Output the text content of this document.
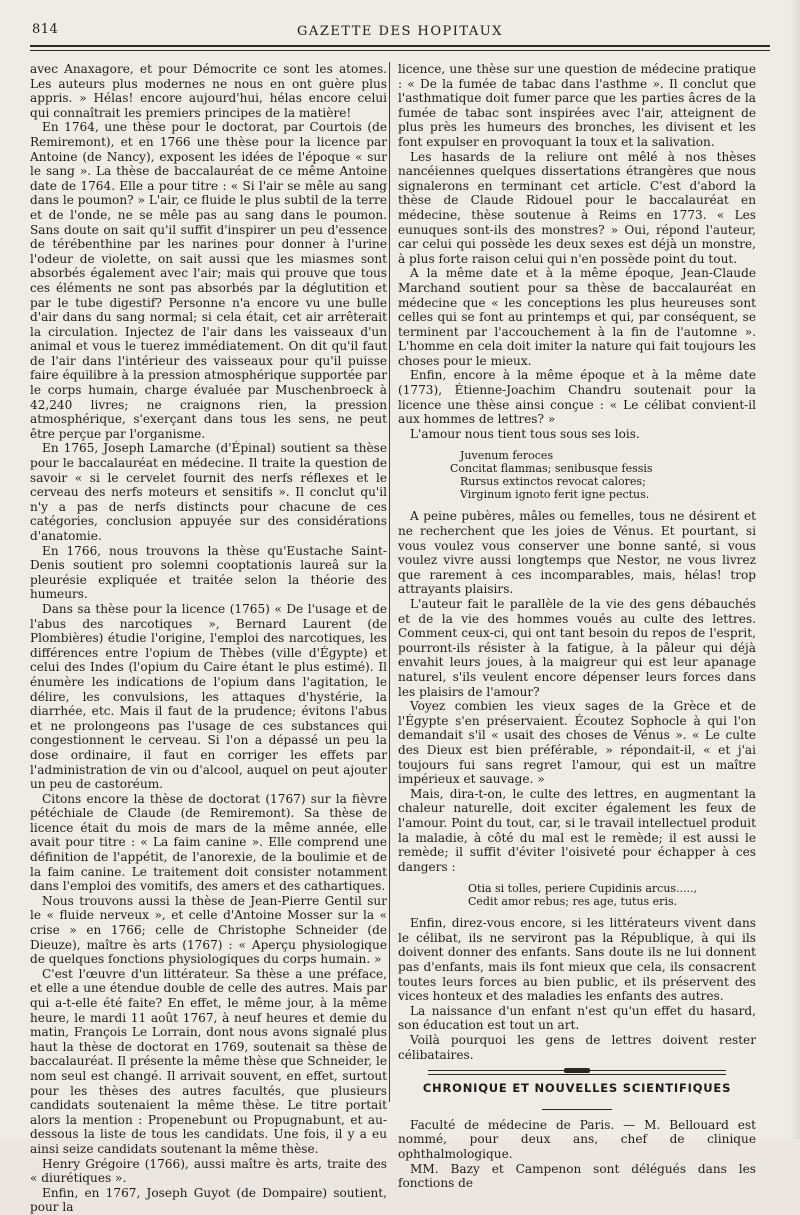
814	GAZETTE DES HOPITAUX

avec Anaxagore, et pour Démocrite ce sont les atomes. Les auteurs plus modernes ne nous en ont guère plus appris. » Hélas! encore aujourd'hui, hélas encore celui qui connaîtrait les premiers principes de la matière!

En 1764, une thèse pour le doctorat, par Courtois (de Remiremont), et en 1766 une thèse pour la licence par Antoine (de Nancy), exposent les idées de l'époque « sur le sang ». La thèse de baccalauréat de ce même Antoine date de 1764. Elle a pour titre : « Si l'air se mêle au sang dans le poumon? » L'air, ce fluide le plus subtil de la terre et de l'onde, ne se mêle pas au sang dans le poumon. Sans doute on sait qu'il suffit d'inspirer un peu d'essence de térébenthine par les narines pour donner à l'urine l'odeur de violette, on sait aussi que les miasmes sont absorbés également avec l'air; mais qui prouve que tous ces éléments ne sont pas absorbés par la déglutition et par le tube digestif? Personne n'a encore vu une bulle d'air dans du sang normal; si cela était, cet air arrêterait la circulation. Injectez de l'air dans les vaisseaux d'un animal et vous le tuerez immédiatement. On dit qu'il faut de l'air dans l'intérieur des vaisseaux pour qu'il puisse faire équilibre à la pression atmosphérique supportée par le corps humain, charge évaluée par Muschenbroeck à 42,240 livres; ne craignons rien, la pression atmosphérique, s'exerçant dans tous les sens, ne peut être perçue par l'organisme.

En 1765, Joseph Lamarche (d'Épinal) soutient sa thèse pour le baccalauréat en médecine. Il traite la question de savoir « si le cervelet fournit des nerfs réflexes et le cerveau des nerfs moteurs et sensitifs ». Il conclut qu'il n'y a pas de nerfs distincts pour chacune de ces catégories, conclusion appuyée sur des considérations d'anatomie.

En 1766, nous trouvons la thèse qu'Eustache Saint-Denis soutient pro solemni cooptationis laureâ sur la pleurésie expliquée et traitée selon la théorie des humeurs.

Dans sa thèse pour la licence (1765) « De l'usage et de l'abus des narcotiques », Bernard Laurent (de Plombières) étudie l'origine, l'emploi des narcotiques, les différences entre l'opium de Thèbes (ville d'Égypte) et celui des Indes (l'opium du Caire étant le plus estimé). Il énumère les indications de l'opium dans l'agitation, le délire, les convulsions, les attaques d'hystérie, la diarrhée, etc. Mais il faut de la prudence; évitons l'abus et ne prolongeons pas l'usage de ces substances qui congestionnent le cerveau. Si l'on a dépassé un peu la dose ordinaire, il faut en corriger les effets par l'administration de vin ou d'alcool, auquel on peut ajouter un peu de castoréum.

Citons encore la thèse de doctorat (1767) sur la fièvre pétéchiale de Claude (de Remiremont). Sa thèse de licence était du mois de mars de la même année, elle avait pour titre : « La faim canine ». Elle comprend une définition de l'appétit, de l'anorexie, de la boulimie et de la faim canine. Le traitement doit consister notamment dans l'emploi des vomitifs, des amers et des cathartiques.

Nous trouvons aussi la thèse de Jean-Pierre Gentil sur le « fluide nerveux », et celle d'Antoine Mosser sur la « crise » en 1766; celle de Christophe Schneider (de Dieuze), maître ès arts (1767) : « Aperçu physiologique de quelques fonctions physiologiques du corps humain. »

C'est l'œuvre d'un littérateur. Sa thèse a une préface, et elle a une étendue double de celle des autres. Mais par qui a-t-elle été faite? En effet, le même jour, à la même heure, le mardi 11 août 1767, à neuf heures et demie du matin, François Le Lorrain, dont nous avons signalé plus haut la thèse de doctorat en 1769, soutenait sa thèse de baccalauréat. Il présente la même thèse que Schneider, le nom seul est changé. Il arrivait souvent, en effet, surtout pour les thèses des autres facultés, que plusieurs candidats soutenaient la même thèse. Le titre portait alors la mention : Propenebunt ou Propugnabunt, et au-dessous la liste de tous les candidats. Une fois, il y a eu ainsi seize candidats soutenant la même thèse.

Henry Grégoire (1766), aussi maître ès arts, traite des « diurétiques ».

Enfin, en 1767, Joseph Guyot (de Dompaire) soutient, pour la

licence, une thèse sur une question de médecine pratique : « De la fumée de tabac dans l'asthme ». Il conclut que l'asthmatique doit fumer parce que les parties âcres de la fumée de tabac sont inspirées avec l'air, atteignent de plus près les humeurs des bronches, les divisent et les font expulser en provoquant la toux et la salivation.

Les hasards de la reliure ont mêlé à nos thèses nancéiennes quelques dissertations étrangères que nous signalerons en terminant cet article. C'est d'abord la thèse de Claude Ridouel pour le baccalauréat en médecine, thèse soutenue à Reims en 1773. « Les eunuques sont-ils des monstres? » Oui, répond l'auteur, car celui qui possède les deux sexes est déjà un monstre, à plus forte raison celui qui n'en possède point du tout.

A la même date et à la même époque, Jean-Claude Marchand soutient pour sa thèse de baccalauréat en médecine que « les conceptions les plus heureuses sont celles qui se font au printemps et qui, par conséquent, se terminent par l'accouchement à la fin de l'automne ». L'homme en cela doit imiter la nature qui fait toujours les choses pour le mieux.

Enfin, encore à la même époque et à la même date (1773), Étienne-Joachim Chandru soutenait pour la licence une thèse ainsi conçue : « Le célibat convient-il aux hommes de lettres? »

L'amour nous tient tous sous ses lois.

Juvenum feroces
Concitat flammas; senibusque fessis
Rursus extinctos revocat calores;
Virginum ignoto ferit igne pectus.

A peine pubères, mâles ou femelles, tous ne désirent et ne recherchent que les joies de Vénus. Et pourtant, si vous voulez vous conserver une bonne santé, si vous voulez vivre aussi longtemps que Nestor, ne vous livrez que rarement à ces incomparables, mais, hélas! trop attrayants plaisirs.

L'auteur fait le parallèle de la vie des gens débauchés et de la vie des hommes voués au culte des lettres. Comment ceux-ci, qui ont tant besoin du repos de l'esprit, pourront-ils résister à la fatigue, à la pâleur qui déjà envahit leurs joues, à la maigreur qui est leur apanage naturel, s'ils veulent encore dépenser leurs forces dans les plaisirs de l'amour?

Voyez combien les vieux sages de la Grèce et de l'Égypte s'en préservaient. Écoutez Sophocle à qui l'on demandait s'il « usait des choses de Vénus ». « Le culte des Dieux est bien préférable, » répondait-il, « et j'ai toujours fui sans regret l'amour, qui est un maître impérieux et sauvage. »

Mais, dira-t-on, le culte des lettres, en augmentant la chaleur naturelle, doit exciter également les feux de l'amour. Point du tout, car, si le travail intellectuel produit la maladie, à côté du mal est le remède; il est aussi le remède; il suffit d'éviter l'oisiveté pour échapper à ces dangers :

Otia si tolles, periere Cupidinis arcus.....,
Cedit amor rebus; res age, tutus eris.

Enfin, direz-vous encore, si les littérateurs vivent dans le célibat, ils ne serviront pas la République, à qui ils doivent donner des enfants. Sans doute ils ne lui donnent pas d'enfants, mais ils font mieux que cela, ils consacrent toutes leurs forces au bien public, et ils préservent des vices honteux et des maladies les enfants des autres.

La naissance d'un enfant n'est qu'un effet du hasard, son éducation est tout un art.

Voilà pourquoi les gens de lettres doivent rester célibataires.

CHRONIQUE ET NOUVELLES SCIENTIFIQUES

Faculté de médecine de Paris. — M. Bellouard est nommé, pour deux ans, chef de clinique ophthalmologique.

MM. Bazy et Campenon sont délégués dans les fonctions de
